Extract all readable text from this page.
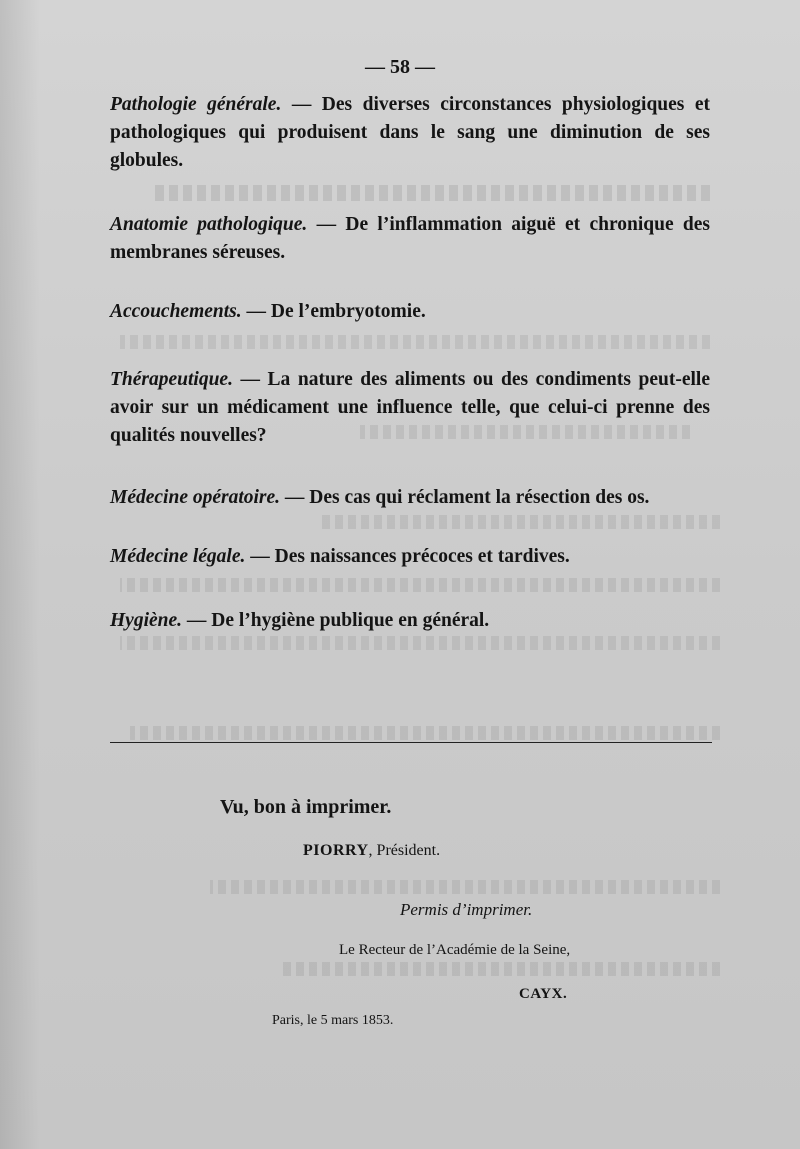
— 58 —
Pathologie générale. — Des diverses circonstances physiologiques et pathologiques qui produisent dans le sang une diminution de ses globules.
Anatomie pathologique. — De l’inflammation aiguë et chronique des membranes séreuses.
Accouchements. — De l’embryotomie.
Thérapeutique. — La nature des aliments ou des condiments peut-elle avoir sur un médicament une influence telle, que celui-ci prenne des qualités nouvelles?
Médecine opératoire. — Des cas qui réclament la résection des os.
Médecine légale. — Des naissances précoces et tardives.
Hygiène. — De l’hygiène publique en général.
Vu, bon à imprimer.
PIORRY, Président.
Permis d’imprimer.
Le Recteur de l’Académie de la Seine,
CAYX.
Paris, le 5 mars 1853.
